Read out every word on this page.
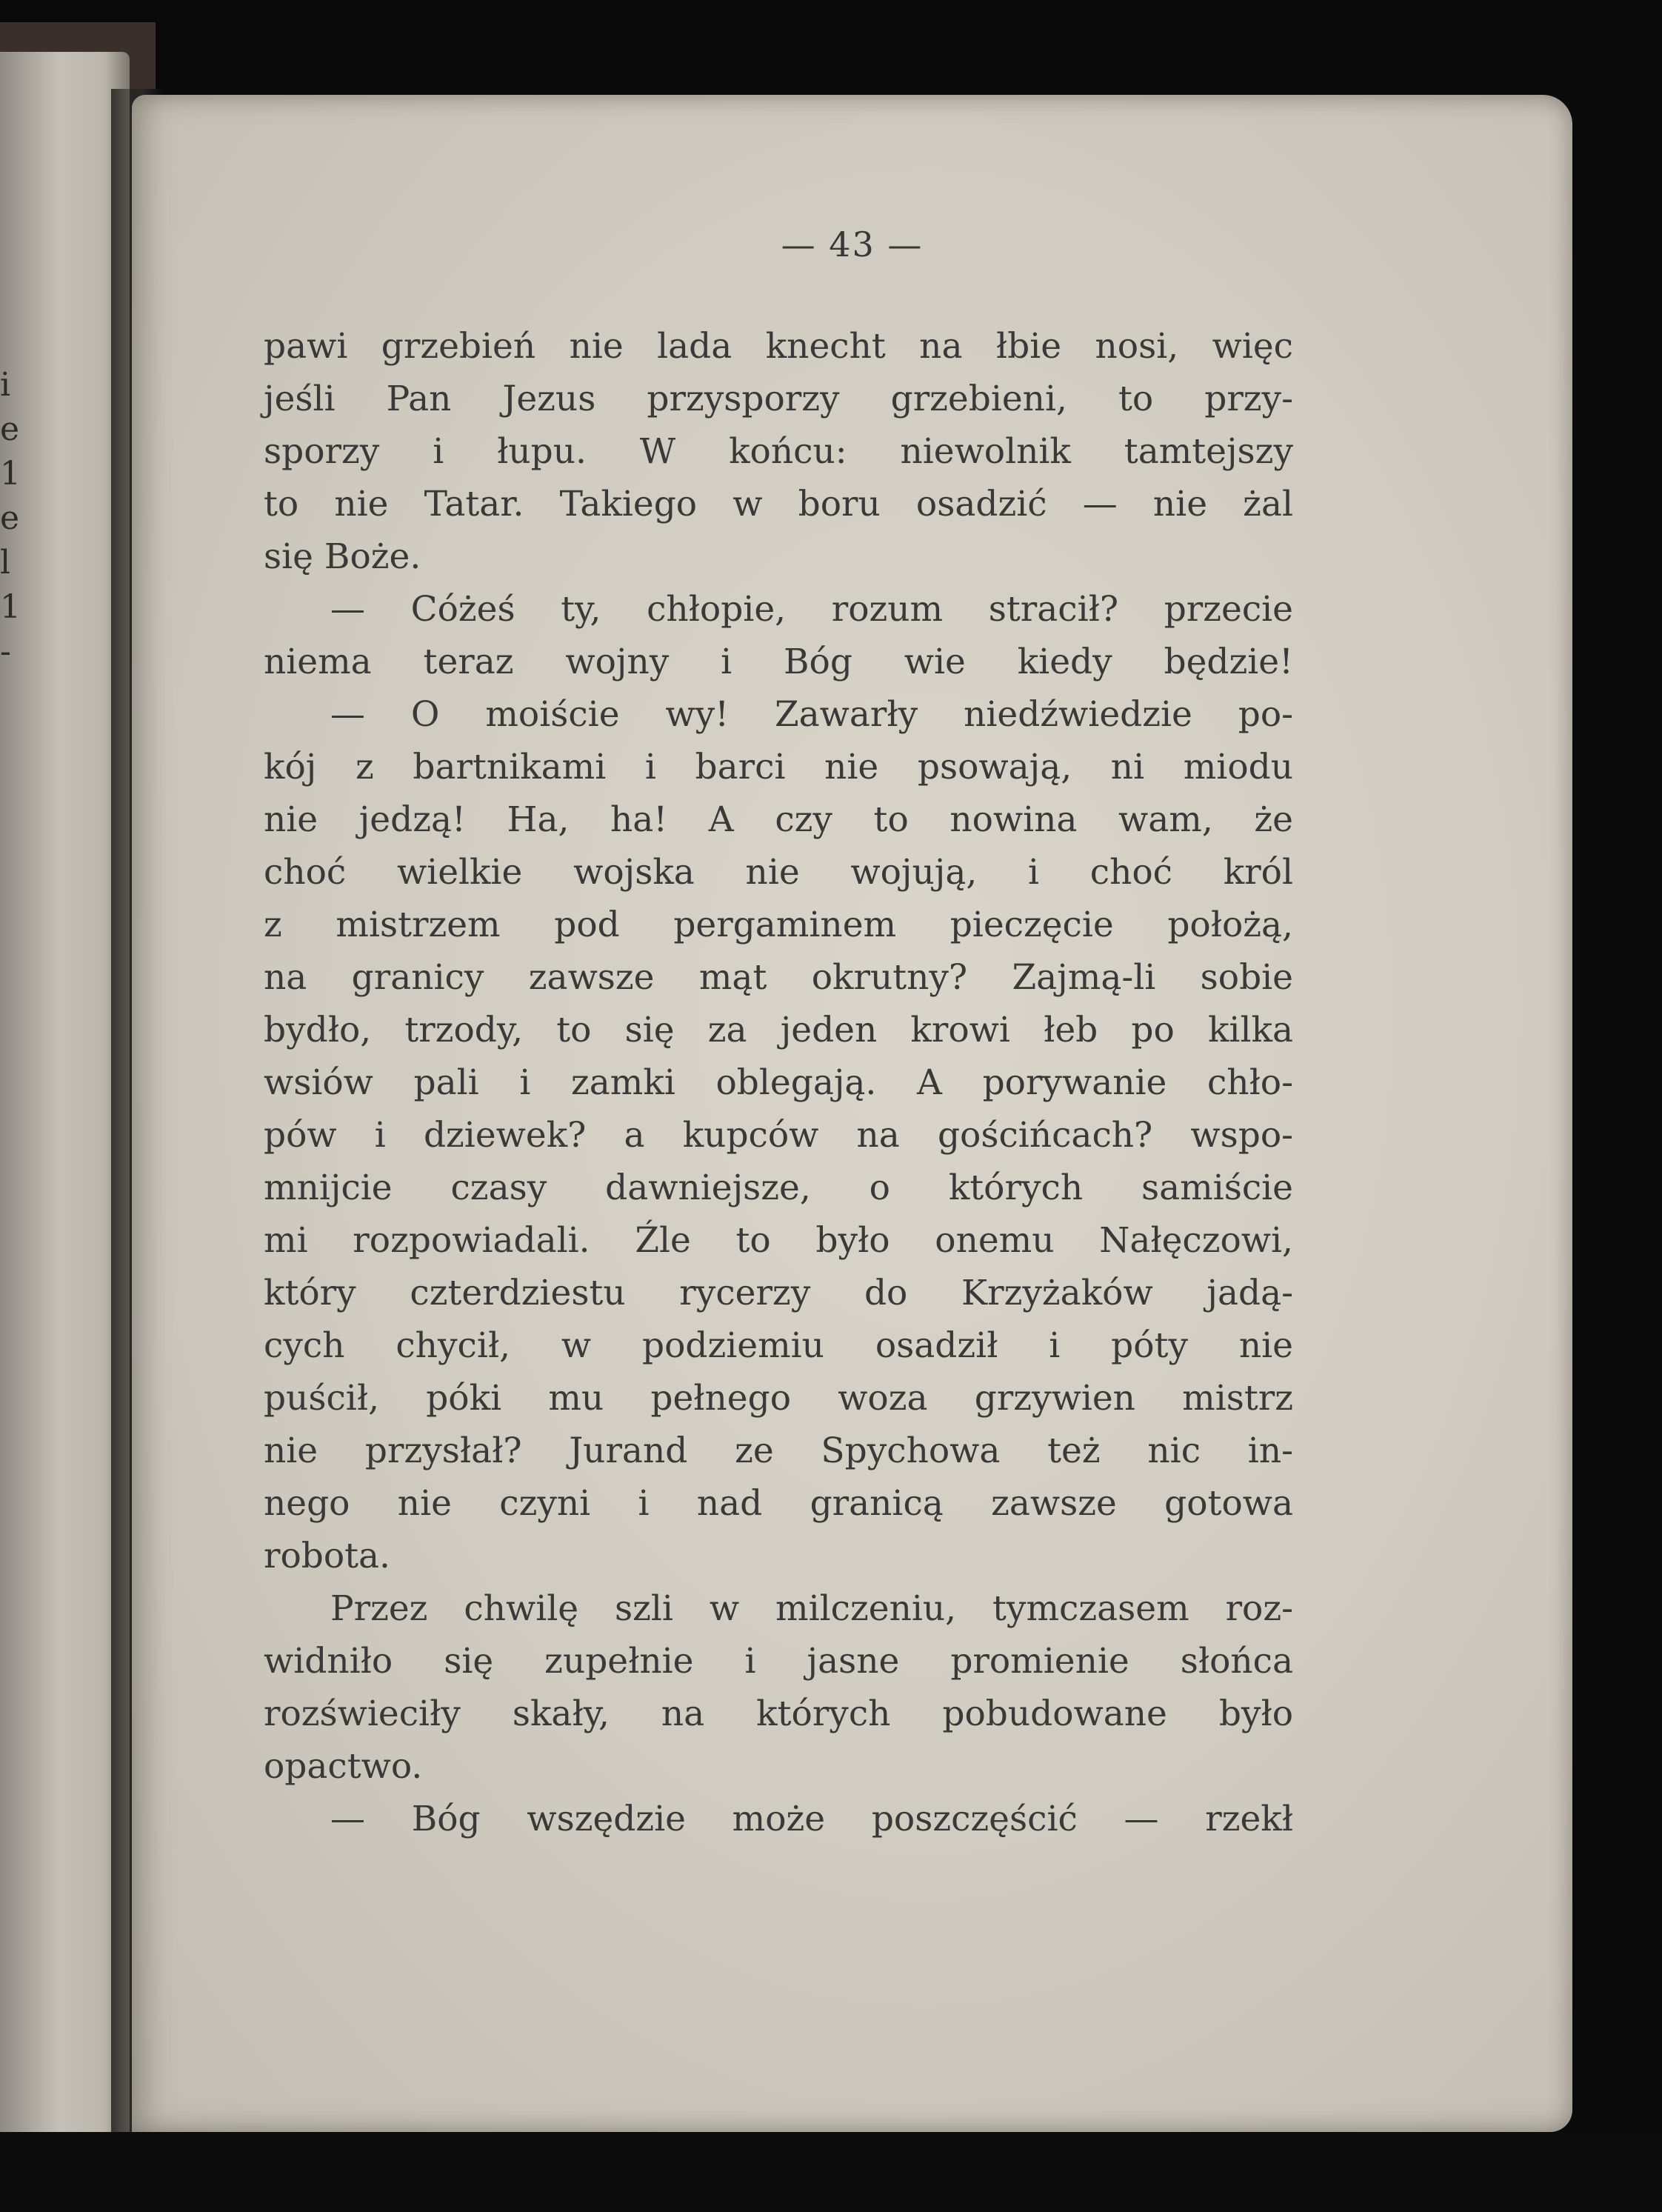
i
e
1
e
l
1
-
— 43 —
pawi grzebień nie lada knecht na łbie nosi, więc
jeśli Pan Jezus przysporzy grzebieni, to przy-
sporzy i łupu. W końcu: niewolnik tamtejszy
to nie Tatar. Takiego w boru osadzić — nie żal
się Boże.
— Cóżeś ty, chłopie, rozum stracił? przecie
niema teraz wojny i Bóg wie kiedy będzie!
— O moiście wy! Zawarły niedźwiedzie po-
kój z bartnikami i barci nie psowają, ni miodu
nie jedzą! Ha, ha! A czy to nowina wam, że
choć wielkie wojska nie wojują, i choć król
z mistrzem pod pergaminem pieczęcie położą,
na granicy zawsze mąt okrutny? Zajmą-li sobie
bydło, trzody, to się za jeden krowi łeb po kilka
wsiów pali i zamki oblegają. A porywanie chło-
pów i dziewek? a kupców na gościńcach? wspo-
mnijcie czasy dawniejsze, o których samiście
mi rozpowiadali. Źle to było onemu Nałęczowi,
który czterdziestu rycerzy do Krzyżaków jadą-
cych chycił, w podziemiu osadził i póty nie
puścił, póki mu pełnego woza grzywien mistrz
nie przysłał? Jurand ze Spychowa też nic in-
nego nie czyni i nad granicą zawsze gotowa
robota.
Przez chwilę szli w milczeniu, tymczasem roz-
widniło się zupełnie i jasne promienie słońca
rozświeciły skały, na których pobudowane było
opactwo.
— Bóg wszędzie może poszczęścić — rzekł
